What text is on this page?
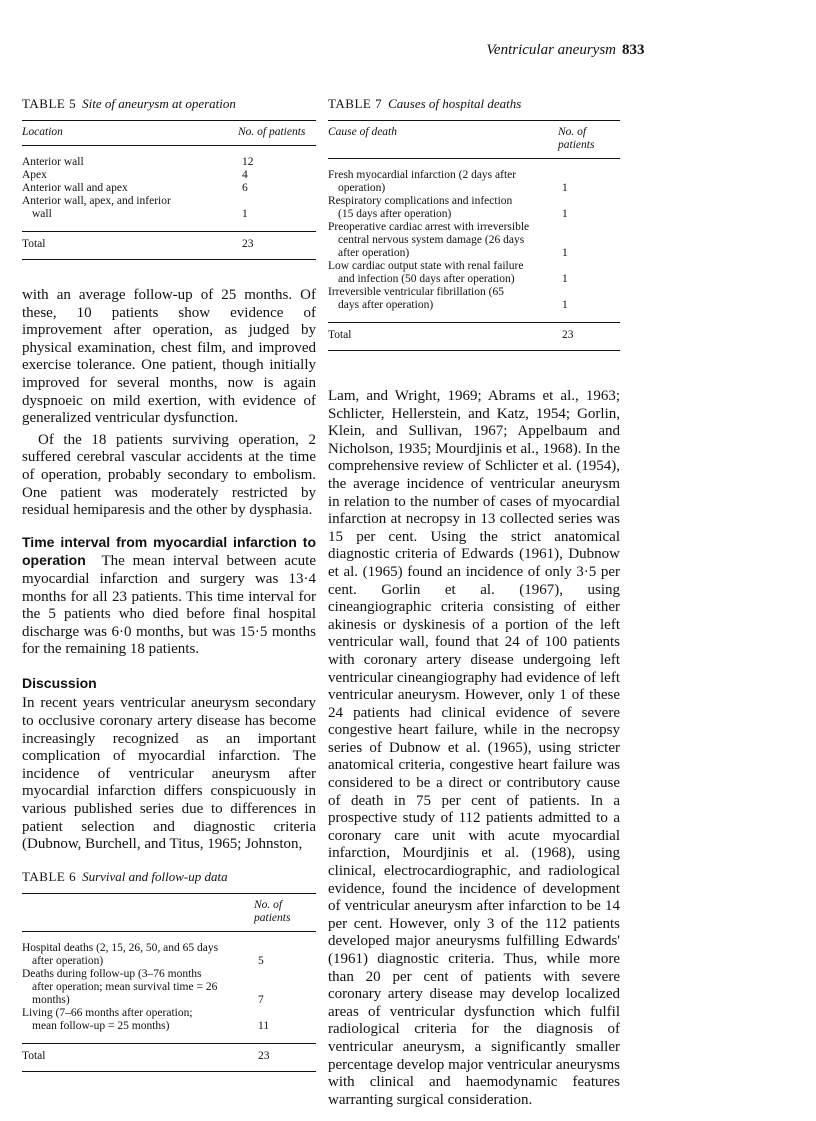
Ventricular aneurysm 833
TABLE 5 Site of aneurysm at operation
Location	No. of patients
Anterior wall	12
Apex	4
Anterior wall and apex	6

Anterior wall, apex, and inferior
wall	1
Total	23

with an average follow-up of 25 months. Of these, 10 patients show evidence of improvement after operation, as judged by physical examination, chest film, and improved exercise tolerance. One patient, though initially improved for several months, now is again dyspnoeic on mild exertion, with evidence of generalized ventricular dysfunction.

Of the 18 patients surviving operation, 2 suffered cerebral vascular accidents at the time of operation, probably secondary to embolism. One patient was moderately restricted by residual hemiparesis and the other by dysphasia.

Time interval from myocardial infarction to operation The mean interval between acute myocardial infarction and surgery was 13·4 months for all 23 patients. This time interval for the 5 patients who died before final hospital discharge was 6·0 months, but was 15·5 months for the remaining 18 patients.

Discussion

In recent years ventricular aneurysm secondary to occlusive coronary artery disease has become increasingly recognized as an important complication of myocardial infarction. The incidence of ventricular aneurysm after myocardial infarction differs conspicuously in various published series due to differences in patient selection and diagnostic criteria (Dubnow, Burchell, and Titus, 1965; Johnston,

TABLE 6 Survival and follow-up data

	No. of
patients

Hospital deaths (2, 15, 26, 50, and 65 days
after operation)	5

Deaths during follow-up (3–76 months
after operation; mean survival time = 26
months)	7

Living (7–66 months after operation;
mean follow-up = 25 months)	11
Total	23
TABLE 7 Causes of hospital deaths
Cause of death	No. of
patients

Fresh myocardial infarction (2 days after
operation)	1

Respiratory complications and infection
(15 days after operation)	1

Preoperative cardiac arrest with irreversible
central nervous system damage (26 days
after operation)	1

Low cardiac output state with renal failure
and infection (50 days after operation)	1

Irreversible ventricular fibrillation (65
days after operation)	1
Total	23

Lam, and Wright, 1969; Abrams et al., 1963; Schlicter, Hellerstein, and Katz, 1954; Gorlin, Klein, and Sullivan, 1967; Appelbaum and Nicholson, 1935; Mourdjinis et al., 1968). In the comprehensive review of Schlicter et al. (1954), the average incidence of ventricular aneurysm in relation to the number of cases of myocardial infarction at necropsy in 13 collected series was 15 per cent. Using the strict anatomical diagnostic criteria of Edwards (1961), Dubnow et al. (1965) found an incidence of only 3·5 per cent. Gorlin et al. (1967), using cineangiographic criteria consisting of either akinesis or dyskinesis of a portion of the left ventricular wall, found that 24 of 100 patients with coronary artery disease undergoing left ventricular cineangiography had evidence of left ventricular aneurysm. However, only 1 of these 24 patients had clinical evidence of severe congestive heart failure, while in the necropsy series of Dubnow et al. (1965), using stricter anatomical criteria, congestive heart failure was considered to be a direct or contributory cause of death in 75 per cent of patients. In a prospective study of 112 patients admitted to a coronary care unit with acute myocardial infarction, Mourdjinis et al. (1968), using clinical, electrocardiographic, and radiological evidence, found the incidence of development of ventricular aneurysm after infarction to be 14 per cent. However, only 3 of the 112 patients developed major aneurysms fulfilling Edwards' (1961) diagnostic criteria. Thus, while more than 20 per cent of patients with severe coronary artery disease may develop localized areas of ventricular dysfunction which fulfil radiological criteria for the diagnosis of ventricular aneurysm, a significantly smaller percentage develop major ventricular aneurysms with clinical and haemodynamic features warranting surgical consideration.
